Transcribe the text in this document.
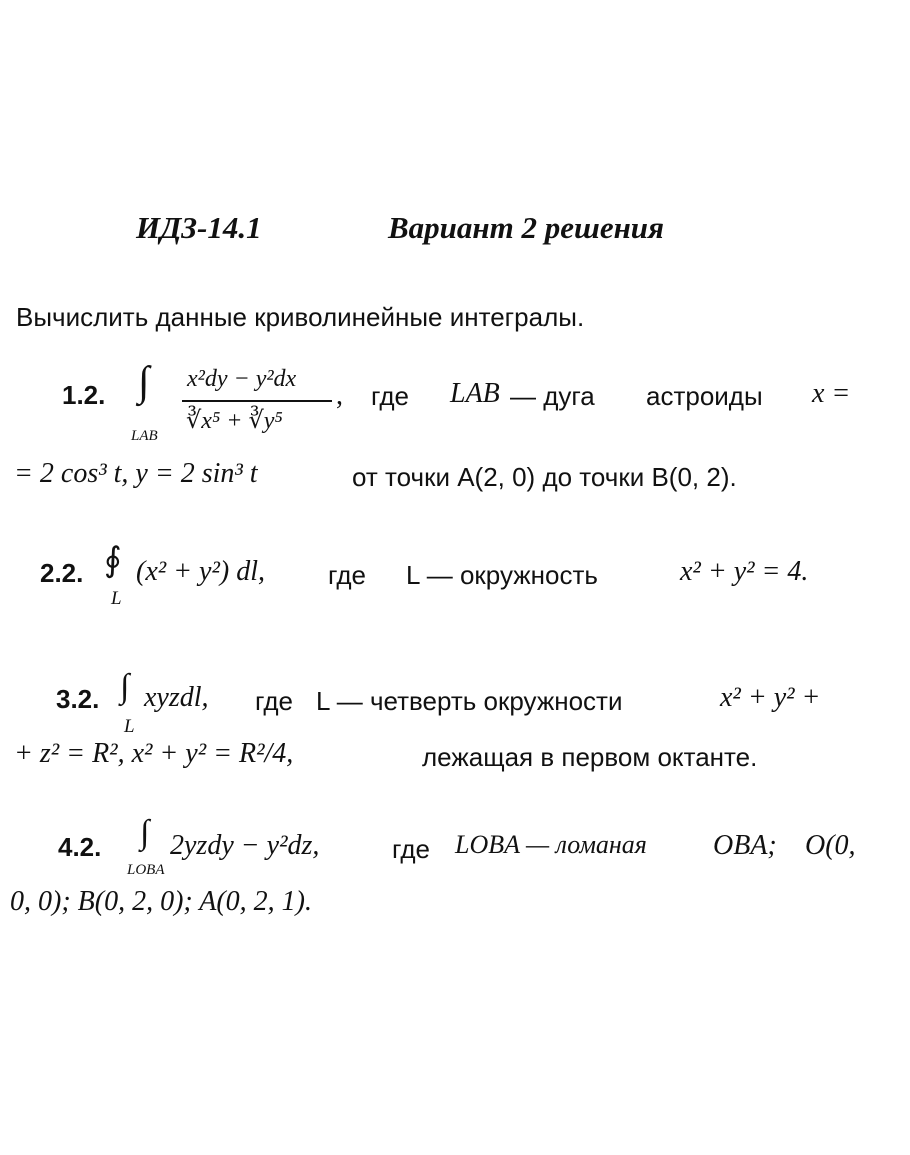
ИДЗ-14.1	Вариант 2 решения
Вычислить данные криволинейные интегралы.
1.2. ∫
LAB
x²dy − y²dx
∛x⁵ + ∛y⁵
, где LAB — дуга астроиды x =
= 2 cos³ t, y = 2 sin³ t	от точки A(2, 0) до точки B(0, 2).
2.2. ∮
L
(x² + y²) dl, где L — окружность	x² + y² = 4.
3.2. ∫
L
xyzdl, где L — четверть окружности	x² + y² +
+ z² = R², x² + y² = R²/4,	лежащая в первом октанте.
4.2. ∫
LOBA
2yzdy − y²dz,	где LOBA — ломаная OBA; O(0,
0, 0); B(0, 2, 0); A(0, 2, 1).
